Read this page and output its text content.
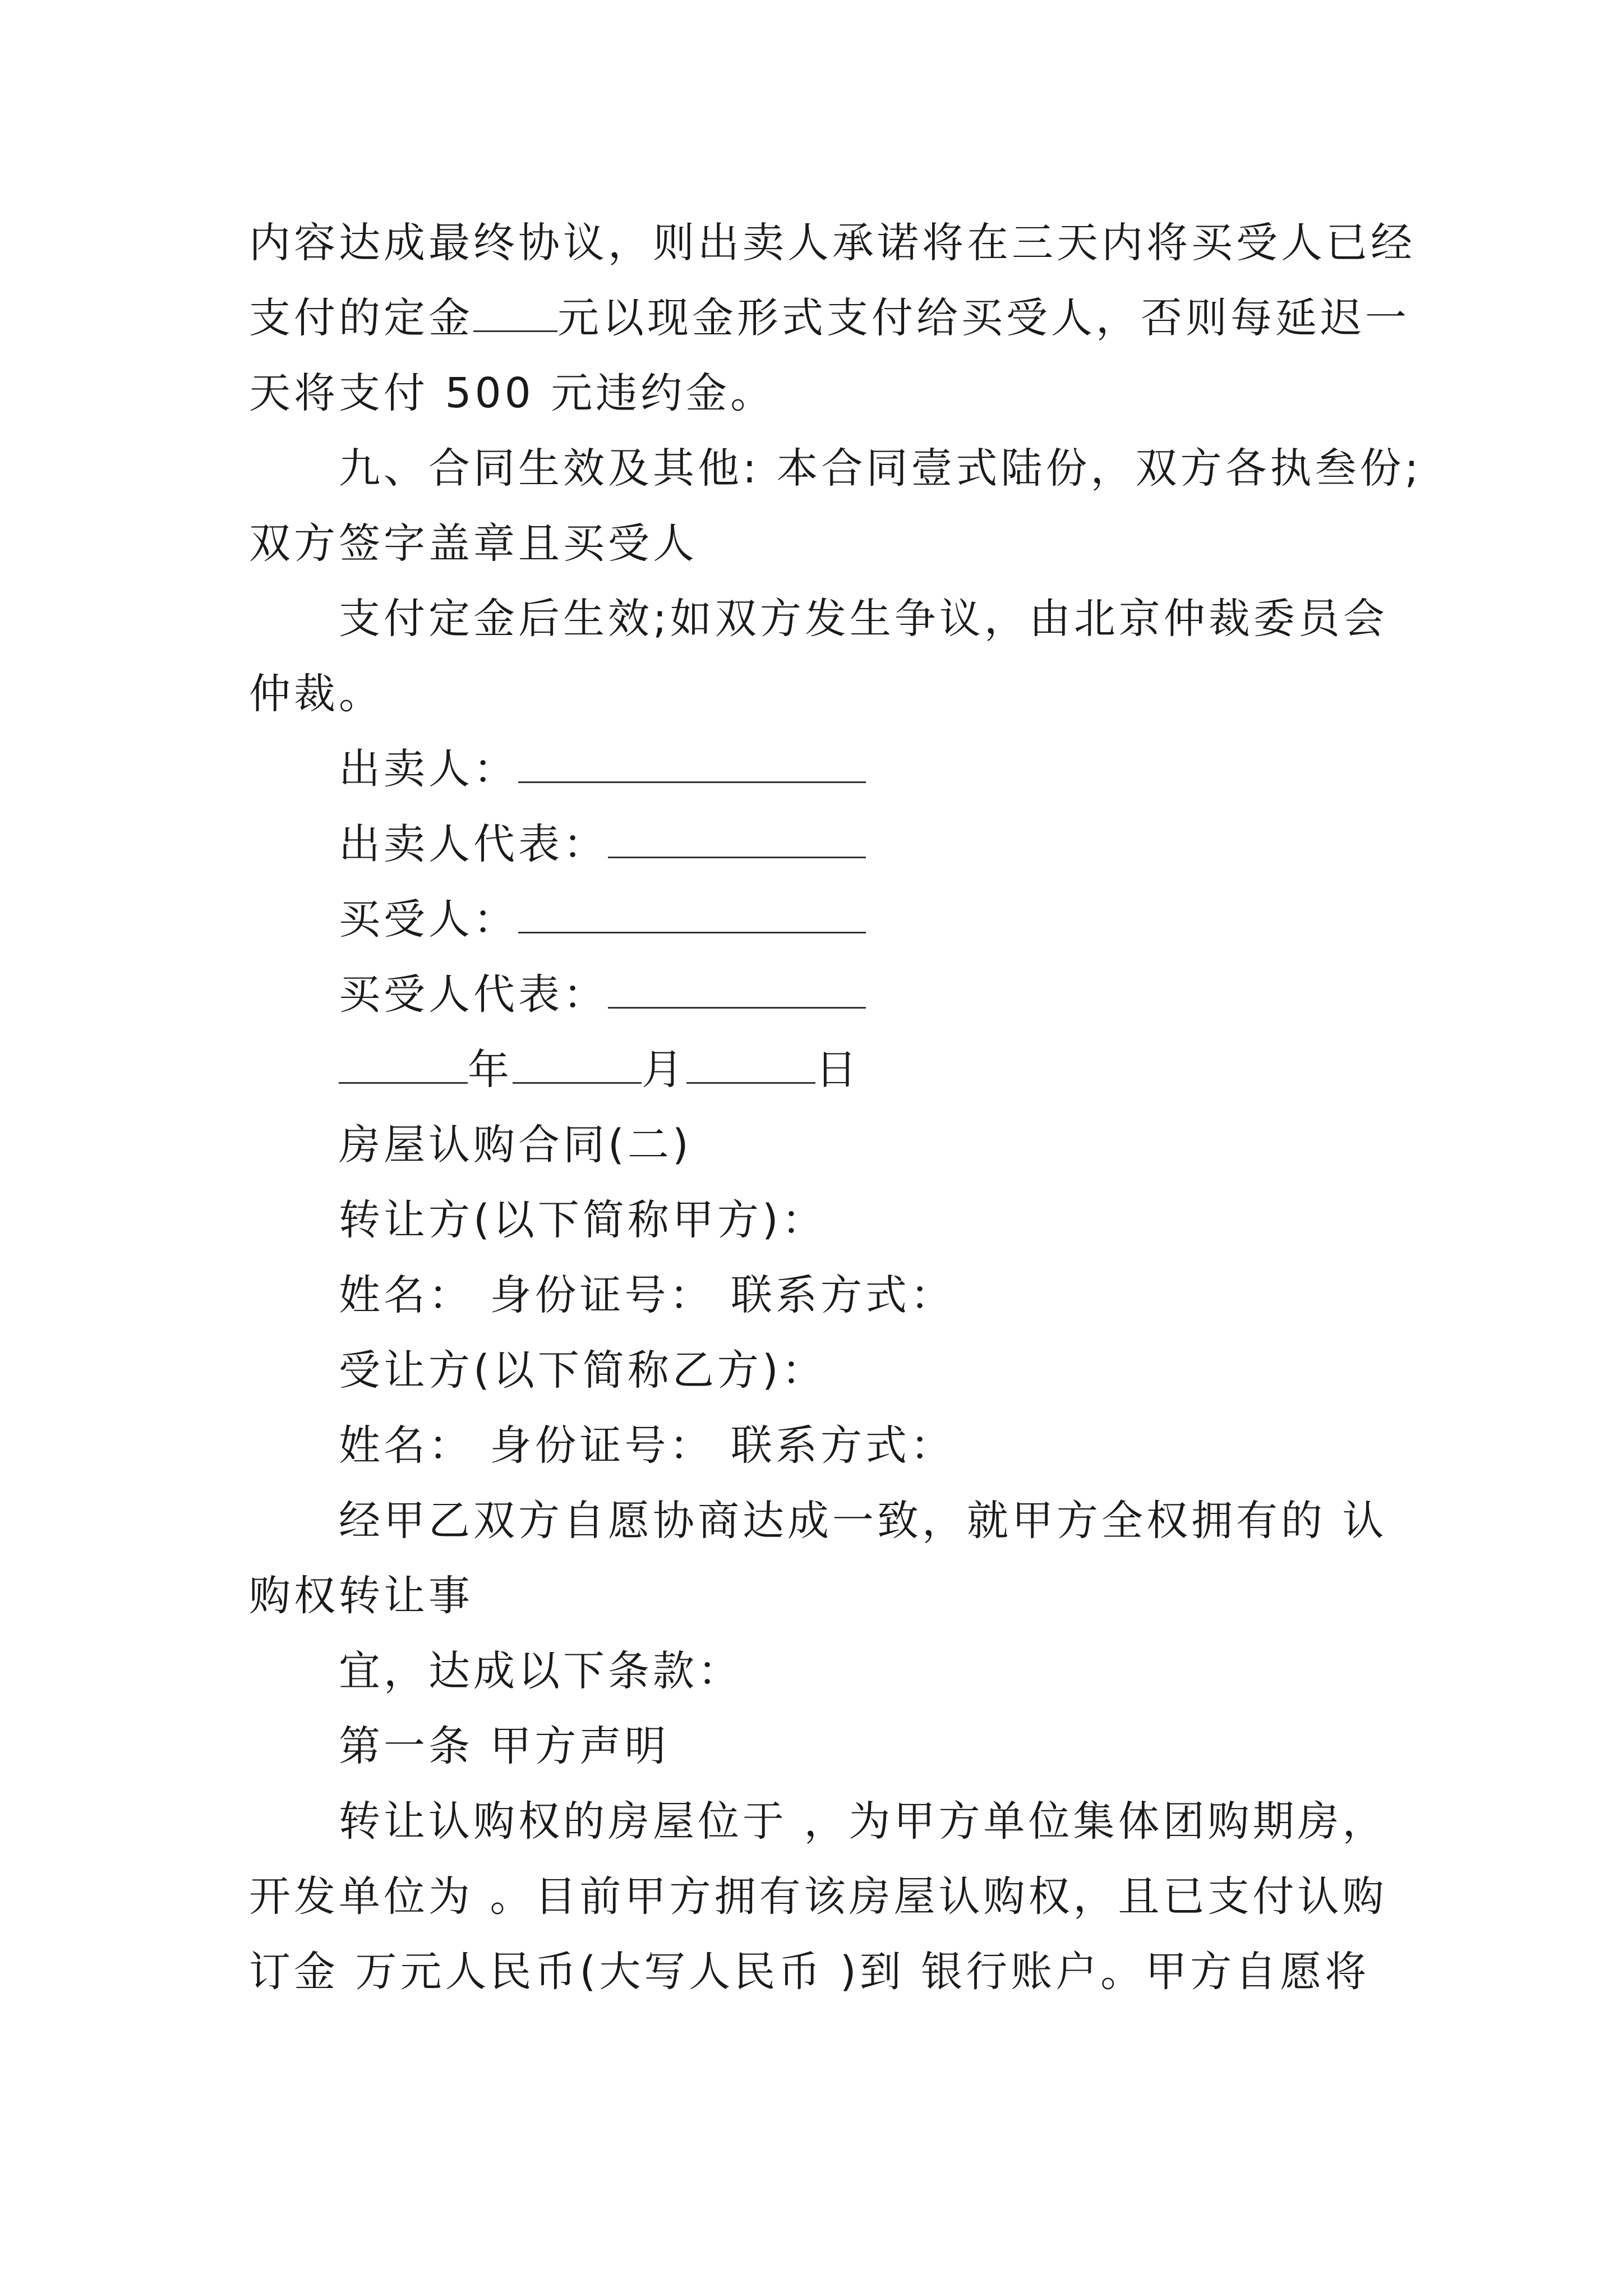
内容达成最终协议，则出卖人承诺将在三天内将买受人已经
支付的定金 元以现金形式支付给买受人，否则每延迟一
天将支付 500 元违约金。
九、合同生效及其他: 本合同壹式陆份，双方各执叁份;
双方签字盖章且买受人
支付定金后生效;如双方发生争议，由北京仲裁委员会
仲裁。
出卖人：
出卖人代表：
买受人：
买受人代表：
年	月	日
房屋认购合同(二)
转让方(以下简称甲方)：
姓名： 身份证号： 联系方式：
受让方(以下简称乙方)：
姓名： 身份证号： 联系方式：
经甲乙双方自愿协商达成一致，就甲方全权拥有的 认
购权转让事
宜，达成以下条款：
第一条 甲方声明
转让认购权的房屋位于 ，为甲方单位集体团购期房，
开发单位为 。目前甲方拥有该房屋认购权，且已支付认购
订金 万元人民币(大写人民币 )到 银行账户。甲方自愿将
